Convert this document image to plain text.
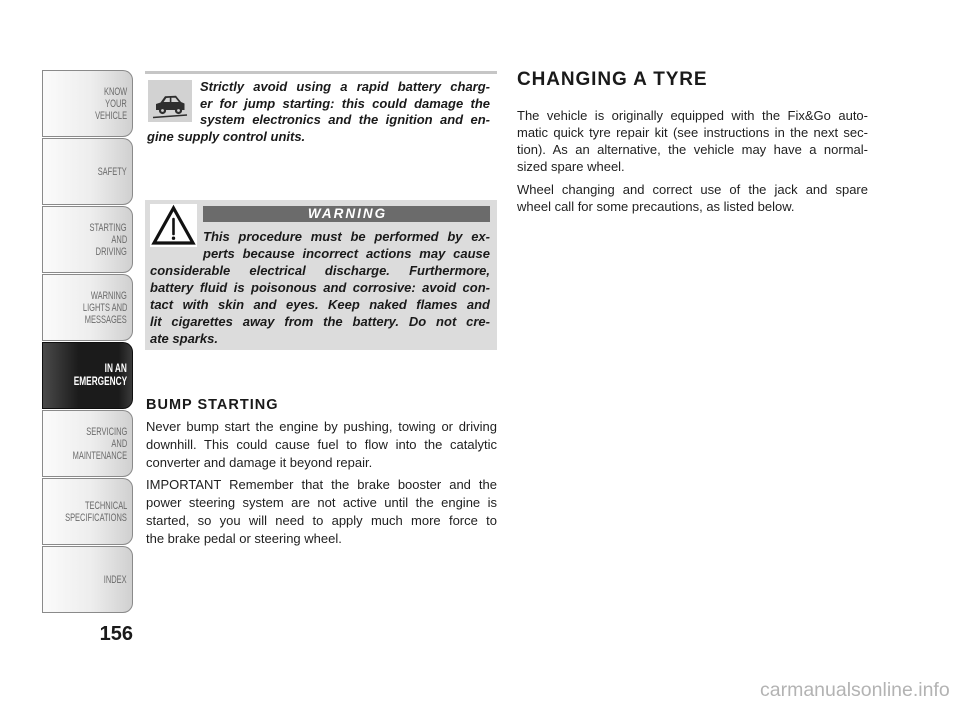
KNOW
YOUR
VEHICLE
SAFETY
STARTING
AND
DRIVING
WARNING
LIGHTS AND
MESSAGES
IN AN
EMERGENCY
SERVICING
AND
MAINTENANCE
TECHNICAL
SPECIFICATIONS
INDEX
156
Strictly avoid using a rapid battery charg-
er for jump starting: this could damage the
system electronics and the ignition and en-
gine supply control units.
WARNING
This procedure must be performed by ex-
perts because incorrect actions may cause
considerable electrical discharge. Furthermore,
battery fluid is poisonous and corrosive: avoid con-
tact with skin and eyes. Keep naked flames and
lit cigarettes away from the battery. Do not cre-
ate sparks.
BUMP STARTING
Never bump start the engine by pushing, towing or driving
downhill. This could cause fuel to flow into the catalytic
converter and damage it beyond repair.
IMPORTANT Remember that the brake booster and the
power steering system are not active until the engine is
started, so you will need to apply much more force to
the brake pedal or steering wheel.
CHANGING A TYRE
The vehicle is originally equipped with the Fix&Go auto-
matic quick tyre repair kit (see instructions in the next sec-
tion). As an alternative, the vehicle may have a normal-
sized spare wheel.
Wheel changing and correct use of the jack and spare
wheel call for some precautions, as listed below.
carmanualsonline.info
